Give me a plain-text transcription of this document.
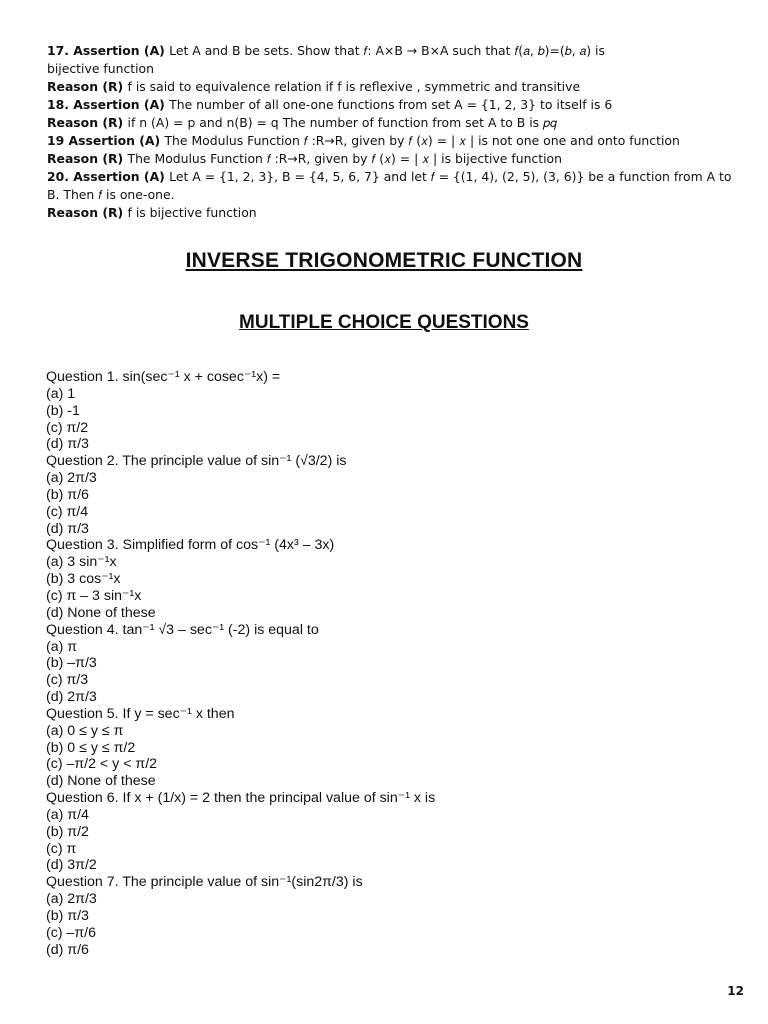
17. Assertion (A) Let A and B be sets. Show that 𝑓: A×B → B×A such that 𝑓(𝑎, 𝑏)=(𝑏, 𝑎) is
bijective function
Reason (R) f is said to equivalence relation if f is reflexive , symmetric and transitive
18. Assertion (A) The number of all one-one functions from set A = {1, 2, 3} to itself is 6
Reason (R) if n (A) = p and n(B) = q The number of function from set A to B is 𝑝𝑞
19 Assertion (A) The Modulus Function 𝑓 :R→R, given by 𝑓 (𝑥) = | 𝑥 | is not one one and onto function
Reason (R) The Modulus Function 𝑓 :R→R, given by 𝑓 (𝑥) = | 𝑥 | is bijective function
20. Assertion (A) Let A = {1, 2, 3}, B = {4, 5, 6, 7} and let 𝑓 = {(1, 4), (2, 5), (3, 6)} be a function from A to
B. Then 𝑓 is one-one.
Reason (R) f is bijective function
INVERSE TRIGONOMETRIC FUNCTION
MULTIPLE CHOICE QUESTIONS
Question 1. sin(sec⁻¹ x + cosec⁻¹x) =
(a) 1
(b) -1
(c) π/2
(d) π/3
Question 2. The principle value of sin⁻¹ (√3/2) is
(a) 2π/3
(b) π/6
(c) π/4
(d) π/3
Question 3. Simplified form of cos⁻¹ (4x³ – 3x)
(a) 3 sin⁻¹x
(b) 3 cos⁻¹x
(c) π – 3 sin⁻¹x
(d) None of these
Question 4. tan⁻¹ √3 – sec⁻¹ (-2) is equal to
(a) π
(b) –π/3
(c) π/3
(d) 2π/3
Question 5. If y = sec⁻¹ x then
(a) 0 ≤ y ≤ π
(b) 0 ≤ y ≤ π/2
(c) –π/2 < y < π/2
(d) None of these
Question 6. If x + (1/x) = 2 then the principal value of sin⁻¹ x is
(a) π/4
(b) π/2
(c) π
(d) 3π/2
Question 7. The principle value of sin⁻¹(sin2π/3) is
(a) 2π/3
(b) π/3
(c) –π/6
(d) π/6
12
